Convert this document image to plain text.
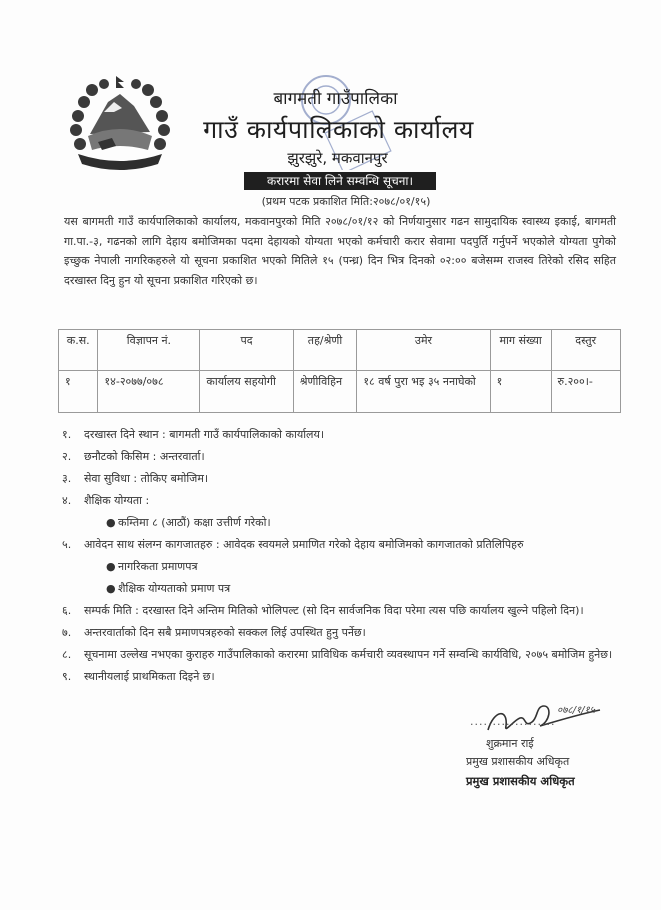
बागमती गाउँपालिका
गाउँ कार्यपालिकाको कार्यालय
झुरझुरे, मकवानपुर
करारमा सेवा लिने सम्वन्धि सूचना।
(प्रथम पटक प्रकाशित मिति:२०७८/०१/१५)
यस बागमती गाउँ कार्यपालिकाको कार्यालय, मकवानपुरको मिति २०७८/०१/१२ को निर्णयानुसार गढन सामुदायिक स्वास्थ्य इकाई, बागमती गा.पा.-३, गढनको लागि देहाय बमोजिमका पदमा देहायको योग्यता भएको कर्मचारी करार सेवामा पदपुर्ति गर्नुपर्ने भएकोले योग्यता पुगेको इच्छुक नेपाली नागरिकहरुले यो सूचना प्रकाशित भएको मितिले १५ (पन्ध्र) दिन भित्र दिनको ०२:०० बजेसम्म राजस्व तिरेको रसिद सहित दरखास्त दिनु हुन यो सूचना प्रकाशित गरिएको छ।
क.स.	विज्ञापन नं.	पद	तह/श्रेणी	उमेर	माग संख्या	दस्तुर
१	१४-२०७७/०७८	कार्यालय सहयोगी	श्रेणीविहिन	१८ वर्ष पुरा भइ ३५ ननाघेको	१	रु.२००।-
१. दरखास्त दिने स्थान : बागमती गाउँ कार्यपालिकाको कार्यालय।
२. छनौटको किसिम : अन्तरवार्ता।
३. सेवा सुविधा : तोकिए बमोजिम।
४. शैक्षिक योग्यता :
● कम्तिमा ८ (आठौं) कक्षा उत्तीर्ण गरेको।
५. आवेदन साथ संलग्न कागजातहरु : आवेदक स्वयमले प्रमाणित गरेको देहाय बमोजिमको कागजातको प्रतिलिपिहरु
● नागरिकता प्रमाणपत्र
● शैक्षिक योग्यताको प्रमाण पत्र
६. सम्पर्क मिति : दरखास्त दिने अन्तिम मितिको भोलिपल्ट (सो दिन सार्वजनिक विदा परेमा त्यस पछि कार्यालय खुल्ने पहिलो दिन)।
७. अन्तरवार्ताको दिन सबै प्रमाणपत्रहरुको सक्कल लिई उपस्थित हुनु पर्नेछ।
८. सूचनामा उल्लेख नभएका कुराहरु गाउँपालिकाको करारमा प्राविधिक कर्मचारी व्यवस्थापन गर्ने सम्वन्धि कार्यविधि, २०७५ बमोजिम हुनेछ।
९. स्थानीयलाई प्राथमिकता दिइने छ।
०७८/१/१५
...................
शुक्रमान राई
प्रमुख प्रशासकीय अधिकृत
प्रमुख प्रशासकीय अधिकृत
